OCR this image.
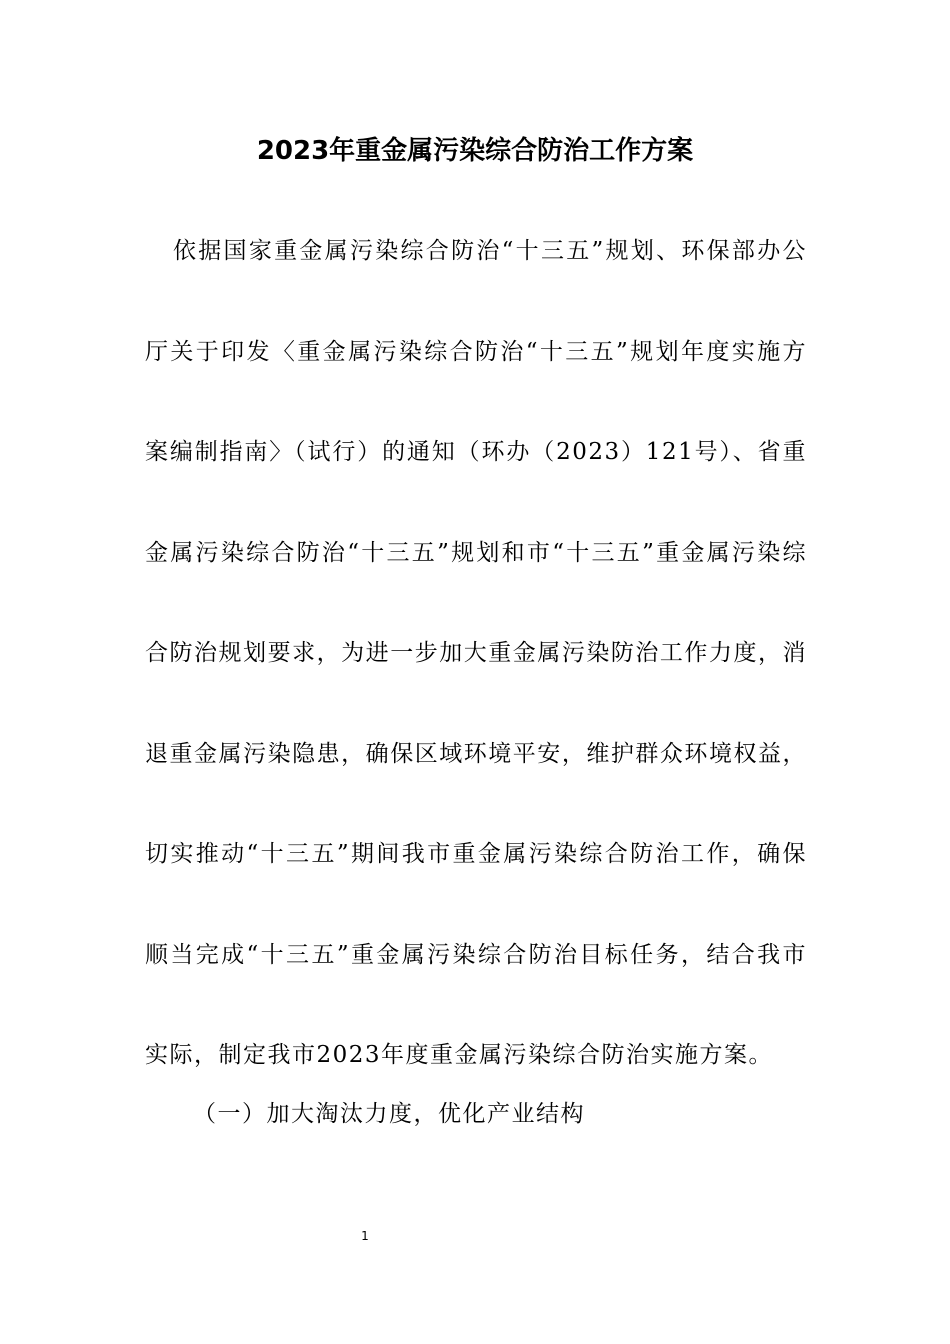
2023年重金属污染综合防治工作方案

依据国家重金属污染综合防治“十三五”规划、环保部办公厅关于印发〈重金属污染综合防治“十三五”规划年度实施方案编制指南〉（试行）的通知（环办（2023）121号）、省重金属污染综合防治“十三五”规划和市“十三五”重金属污染综合防治规划要求，为进一步加大重金属污染防治工作力度，消退重金属污染隐患，确保区域环境平安，维护群众环境权益，切实推动“十三五”期间我市重金属污染综合防治工作，确保顺当完成“十三五”重金属污染综合防治目标任务，结合我市实际，制定我市2023年度重金属污染综合防治实施方案。

（一）加大淘汰力度，优化产业结构

1
